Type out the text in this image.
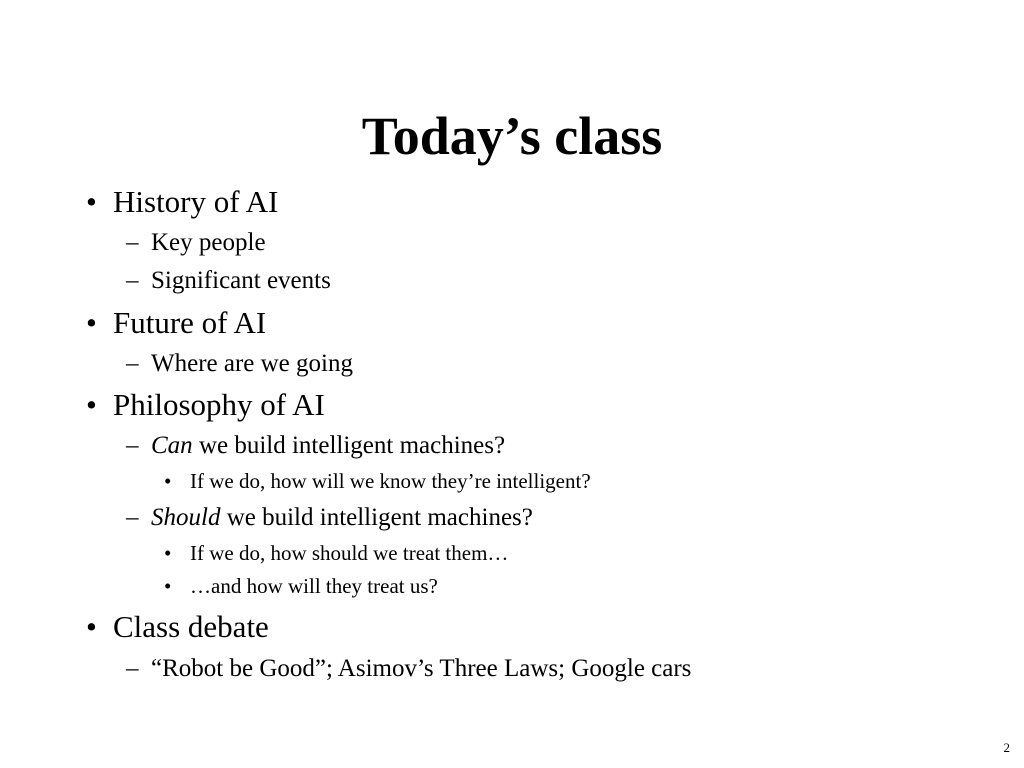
Today’s class
• History of AI
– Key people
– Significant events
• Future of AI
– Where are we going
• Philosophy of AI
– Can we build intelligent machines?
• If we do, how will we know they’re intelligent?
– Should we build intelligent machines?
• If we do, how should we treat them…
• …and how will they treat us?
• Class debate
– “Robot be Good”; Asimov’s Three Laws; Google cars
2
